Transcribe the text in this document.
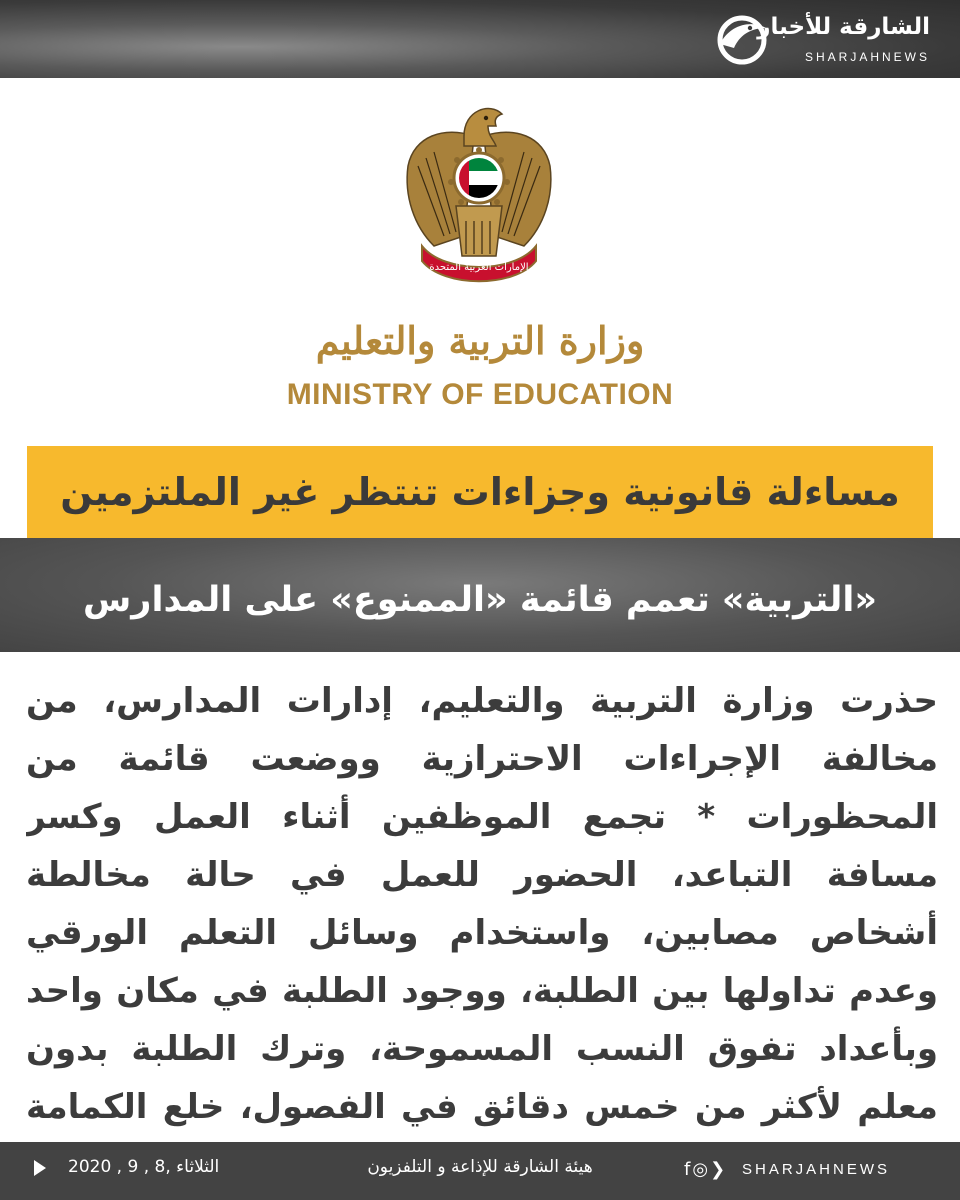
الشارقة للأخبار
SHARJAHNEWS
الإمارات العربية المتحدة
وزارة التربية والتعليم
MINISTRY OF EDUCATION
مساءلة قانونية وجزاءات تنتظر غير الملتزمين
«التربية» تعمم قائمة «الممنوع» على المدارس
حذرت وزارة التربية والتعليم، إدارات المدارس، من مخالفة الإجراءات الاحترازية ووضعت قائمة من المحظورات * تجمع الموظفين أثناء العمل وكسر مسافة التباعد، الحضور للعمل في حالة مخالطة أشخاص مصابين، واستخدام وسائل التعلم الورقي وعدم تداولها بين الطلبة، ووجود الطلبة في مكان واحد وبأعداد تفوق النسب المسموحة، وترك الطلبة بدون معلم لأكثر من خمس دقائق في الفصول، خلع الكمامة
الثلاثاء ,8 , 9 , 2020	هيئة الشارقة للإذاعة و التلفزيون	f ◎ ❯ SHARJAHNEWS
